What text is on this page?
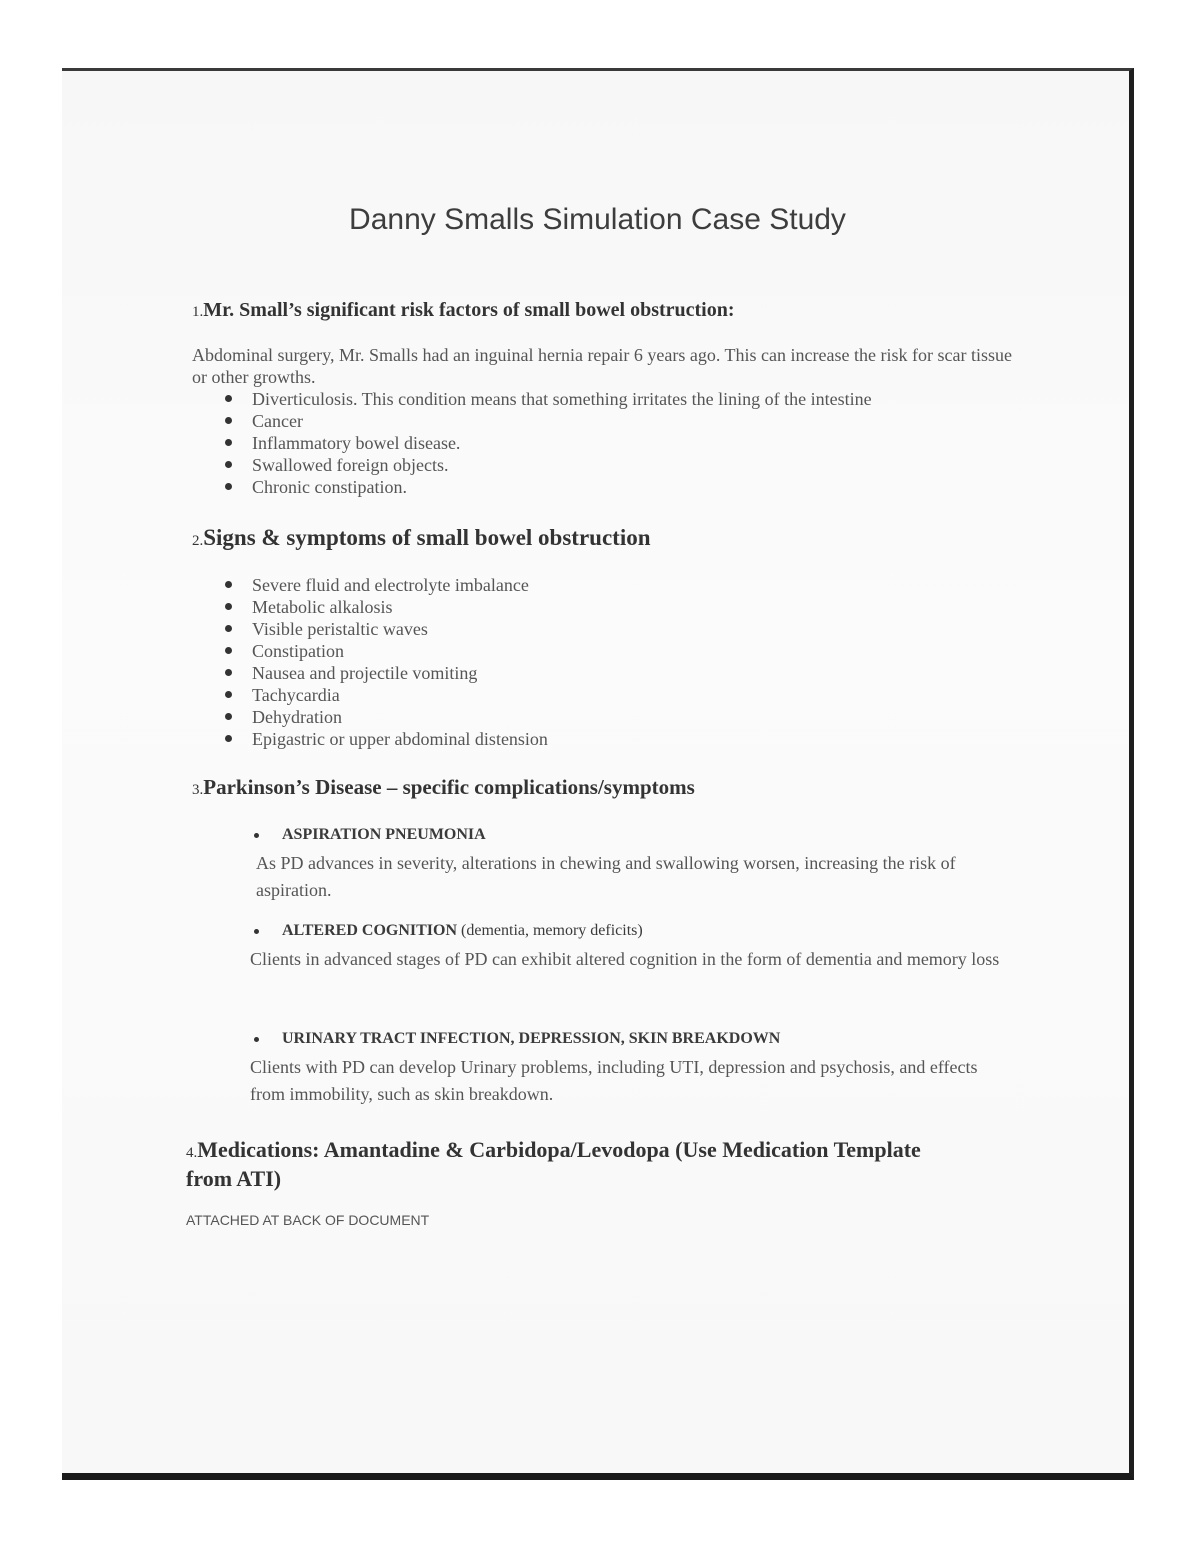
Danny Smalls Simulation Case Study
1.Mr. Small’s significant risk factors of small bowel obstruction:

Abdominal surgery, Mr. Smalls had an inguinal hernia repair 6 years ago. This can increase the risk for scar tissue or other growths.

Diverticulosis. This condition means that something irritates the lining of the intestine
Cancer
Inflammatory bowel disease.
Swallowed foreign objects.
Chronic constipation.
2.Signs & symptoms of small bowel obstruction
Severe fluid and electrolyte imbalance
Metabolic alkalosis
Visible peristaltic waves
Constipation
Nausea and projectile vomiting
Tachycardia
Dehydration
Epigastric or upper abdominal distension
3.Parkinson’s Disease – specific complications/symptoms
ASPIRATION PNEUMONIA
As PD advances in severity, alterations in chewing and swallowing worsen, increasing the risk of aspiration.
ALTERED COGNITION (dementia, memory deficits)
Clients in advanced stages of PD can exhibit altered cognition in the form of dementia and memory loss
URINARY TRACT INFECTION, DEPRESSION, SKIN BREAKDOWN
Clients with PD can develop Urinary problems, including UTI, depression and psychosis, and effects from immobility, such as skin breakdown.
4.Medications: Amantadine & Carbidopa/Levodopa (Use Medication Template from ATI)

ATTACHED AT BACK OF DOCUMENT
